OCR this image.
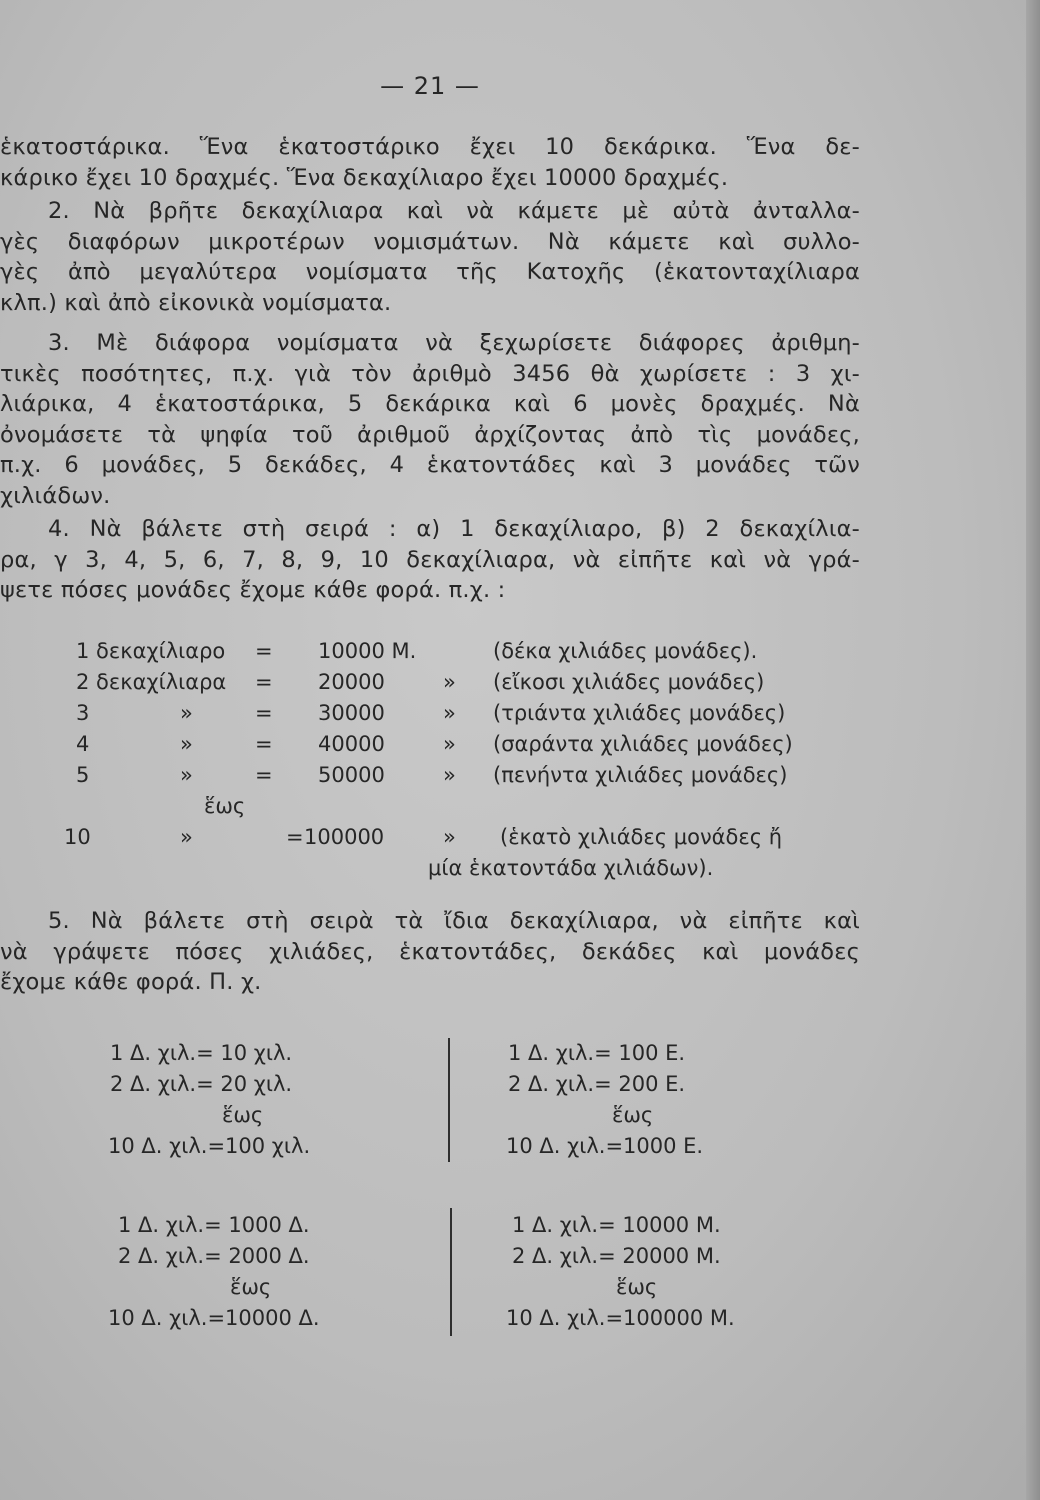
— 21 —
ἑκατοστάρικα. Ἕνα ἑκατοστάρικο ἔχει 10 δεκάρικα. Ἕνα δε-
κάρικο ἔχει 10 δραχμές. Ἕνα δεκαχίλιαρο ἔχει 10000 δραχμές.
2. Νὰ βρῆτε δεκαχίλιαρα καὶ νὰ κάμετε μὲ αὐτὰ ἀνταλλα-
γὲς διαφόρων μικροτέρων νομισμάτων. Νὰ κάμετε καὶ συλλο-
γὲς ἀπὸ μεγαλύτερα νομίσματα τῆς Κατοχῆς (ἑκατονταχίλιαρα
κλπ.) καὶ ἀπὸ εἰκονικὰ νομίσματα.
3. Μὲ διάφορα νομίσματα νὰ ξεχωρίσετε διάφορες ἀριθμη-
τικὲς ποσότητες, π.χ. γιὰ τὸν ἀριθμὸ 3456 θὰ χωρίσετε : 3 χι-
λιάρικα, 4 ἑκατοστάρικα, 5 δεκάρικα καὶ 6 μονὲς δραχμές. Νὰ
ὀνομάσετε τὰ ψηφία τοῦ ἀριθμοῦ ἀρχίζοντας ἀπὸ τὶς μονάδες,
π.χ. 6 μονάδες, 5 δεκάδες, 4 ἑκατοντάδες καὶ 3 μονάδες τῶν
χιλιάδων.
4. Νὰ βάλετε στὴ σειρά : α) 1 δεκαχίλιαρο, β) 2 δεκαχίλια-
ρα, γ 3, 4, 5, 6, 7, 8, 9, 10 δεκαχίλιαρα, νὰ εἰπῆτε καὶ νὰ γρά-
ψετε πόσες μονάδες ἔχομε κάθε φορά. π.χ. :
1 δεκαχίλιαρο = 10000 Μ.	(δέκα χιλιάδες μονάδες).
2 δεκαχίλιαρα = 20000	» (εἴκοσι χιλιάδες μονάδες)
3	»	= 30000	» (τριάντα χιλιάδες μονάδες)
4	»	= 40000	» (σαράντα χιλιάδες μονάδες)
5	»	= 50000	» (πενήντα χιλιάδες μονάδες)
ἕως
10	»	= 100000	» (ἑκατὸ χιλιάδες μονάδες ἤ
μία ἑκατοντάδα χιλιάδων).
5. Νὰ βάλετε στὴ σειρὰ τὰ ἴδια δεκαχίλιαρα, νὰ εἰπῆτε καὶ
νὰ γράψετε πόσες χιλιάδες, ἑκατοντάδες, δεκάδες καὶ μονάδες
ἔχομε κάθε φορά. Π. χ.
1 Δ. χιλ.= 10 χιλ.	1 Δ. χιλ.= 100 Ε.
2 Δ. χιλ.= 20 χιλ.	2 Δ. χιλ.= 200 Ε.
ἕως	ἕως
10 Δ. χιλ.=100 χιλ.	10 Δ. χιλ.=1000 Ε.
1 Δ. χιλ.= 1000 Δ.	1 Δ. χιλ.= 10000 Μ.
2 Δ. χιλ.= 2000 Δ.	2 Δ. χιλ.= 20000 Μ.
ἕως	ἕως
10 Δ. χιλ.=10000 Δ.	10 Δ. χιλ.=100000 Μ.
